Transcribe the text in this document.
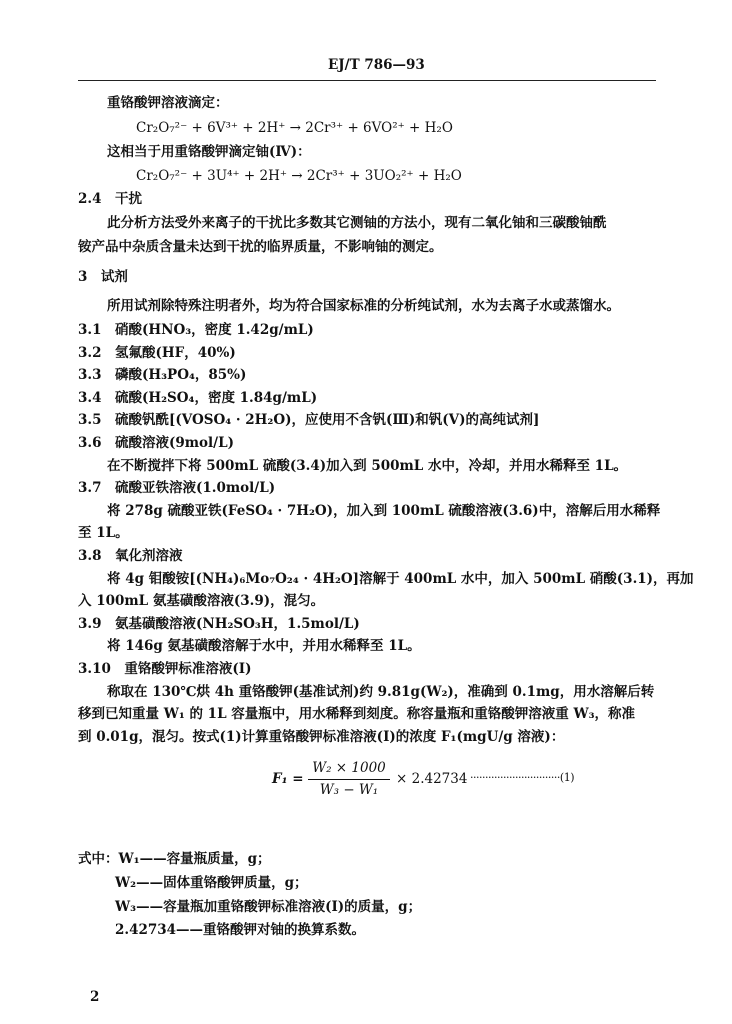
EJ/T 786—93
重铬酸钾溶液滴定：
Cr₂O₇²⁻ + 6V³⁺ + 2H⁺ → 2Cr³⁺ + 6VO²⁺ + H₂O
这相当于用重铬酸钾滴定铀(Ⅳ)：
Cr₂O₇²⁻ + 3U⁴⁺ + 2H⁺ → 2Cr³⁺ + 3UO₂²⁺ + H₂O
2.4　干扰
此分析方法受外来离子的干扰比多数其它测铀的方法小，现有二氧化铀和三碳酸铀酰
铵产品中杂质含量未达到干扰的临界质量，不影响铀的测定。
3　试剂
所用试剂除特殊注明者外，均为符合国家标准的分析纯试剂，水为去离子水或蒸馏水。
3.1　硝酸(HNO₃，密度 1.42g/mL)
3.2　氢氟酸(HF，40%)
3.3　磷酸(H₃PO₄，85%)
3.4　硫酸(H₂SO₄，密度 1.84g/mL)
3.5　硫酸钒酰[(VOSO₄ · 2H₂O)，应使用不含钒(Ⅲ)和钒(Ⅴ)的高纯试剂]
3.6　硫酸溶液(9mol/L)
在不断搅拌下将 500mL 硫酸(3.4)加入到 500mL 水中，冷却，并用水稀释至 1L。
3.7　硫酸亚铁溶液(1.0mol/L)
将 278g 硫酸亚铁(FeSO₄ · 7H₂O)，加入到 100mL 硫酸溶液(3.6)中，溶解后用水稀释
至 1L。
3.8　氧化剂溶液
将 4g 钼酸铵[(NH₄)₆Mo₇O₂₄ · 4H₂O]溶解于 400mL 水中，加入 500mL 硝酸(3.1)，再加
入 100mL 氨基磺酸溶液(3.9)，混匀。
3.9　氨基磺酸溶液(NH₂SO₃H，1.5mol/L)
将 146g 氨基磺酸溶解于水中，并用水稀释至 1L。
3.10　重铬酸钾标准溶液(Ⅰ)
称取在 130℃烘 4h 重铬酸钾(基准试剂)约 9.81g(W₂)，准确到 0.1mg，用水溶解后转
移到已知重量 W₁ 的 1L 容量瓶中，用水稀释到刻度。称容量瓶和重铬酸钾溶液重 W₃，称准
到 0.01g，混匀。按式(1)计算重铬酸钾标准溶液(Ⅰ)的浓度 F₁(mgU/g 溶液)：
F₁ =
W₂ × 1000
W₃ − W₁
× 2.42734 ······························(1)
式中：W₁——容量瓶质量，g；
W₂——固体重铬酸钾质量，g；
W₃——容量瓶加重铬酸钾标准溶液(Ⅰ)的质量，g；
2.42734——重铬酸钾对铀的换算系数。
2
